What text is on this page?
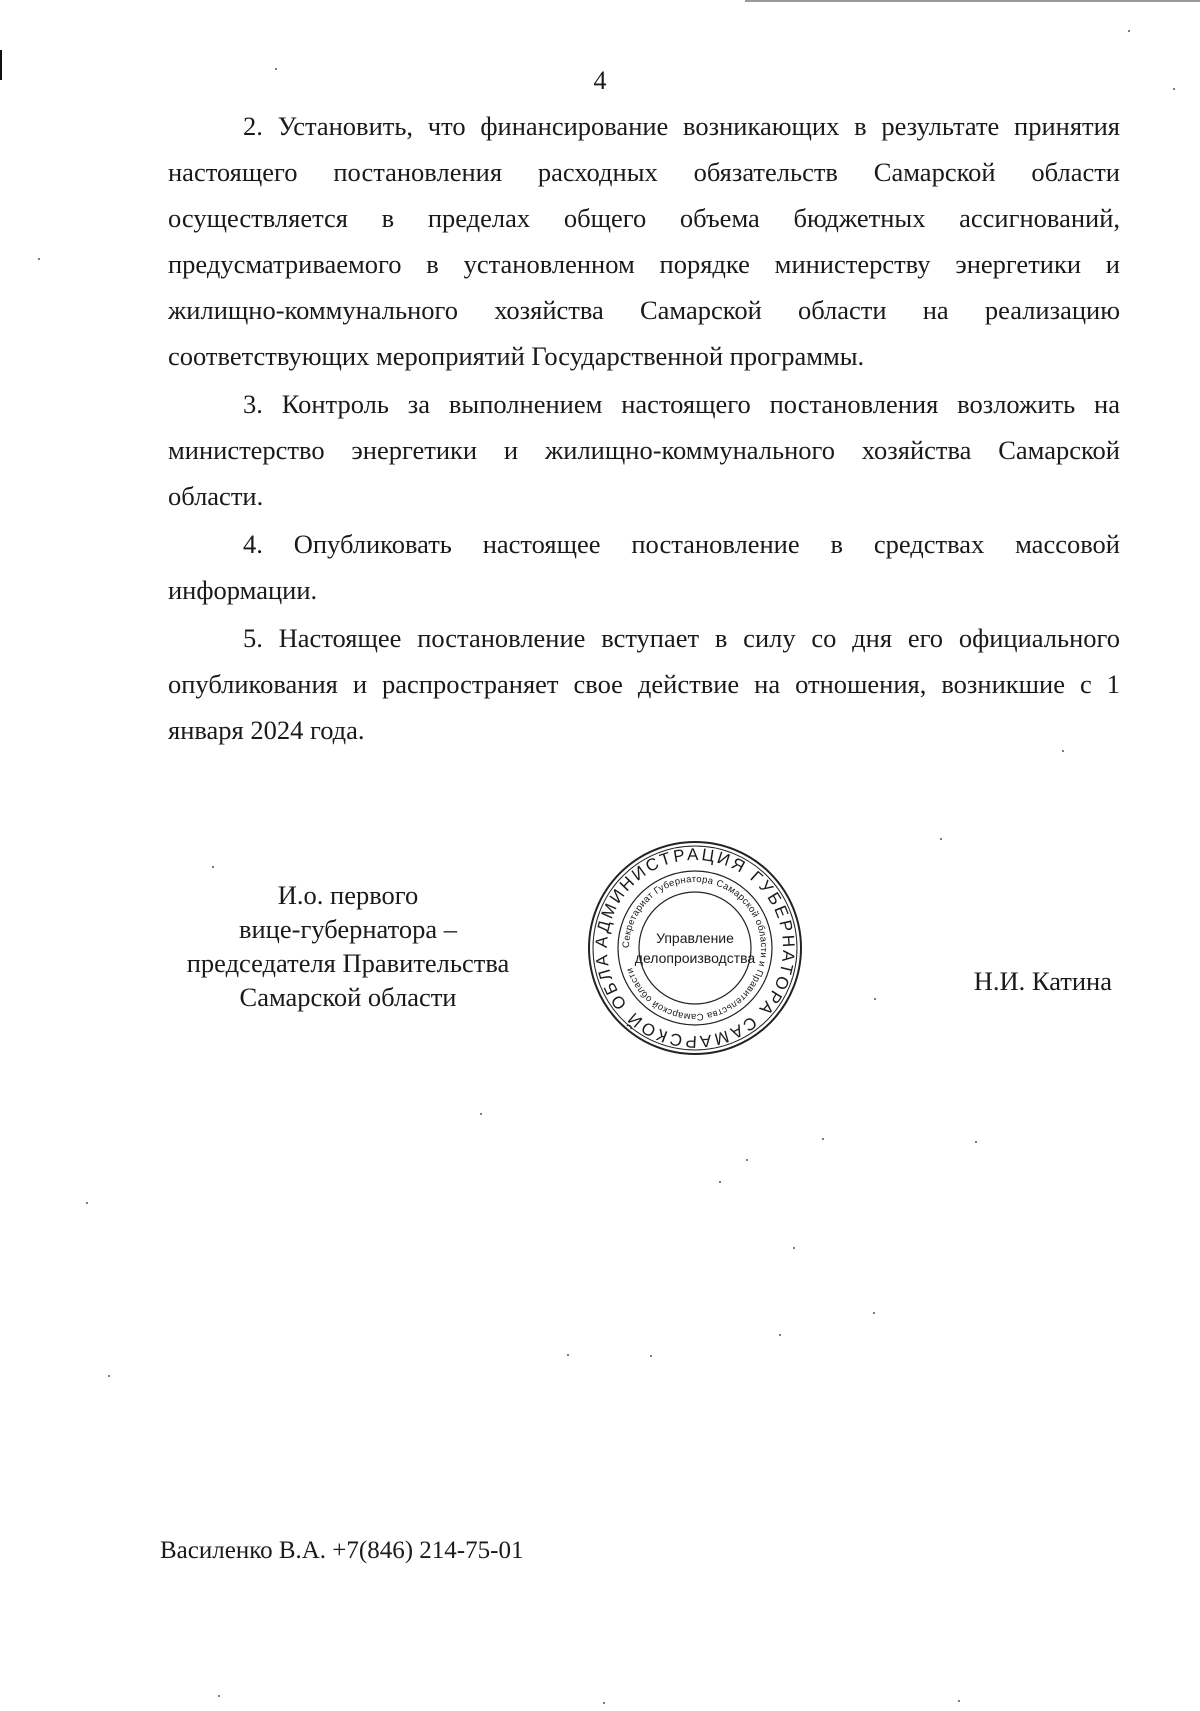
4

2. Установить, что финансирование возникающих в результате принятия настоящего постановления расходных обязательств Самарской области осуществляется в пределах общего объема бюджетных ассигнований, предусматриваемого в установленном порядке министерству энергетики и жилищно-коммунального хозяйства Самарской области на реализацию соответствующих мероприятий Государственной программы.

3. Контроль за выполнением настоящего постановления возложить на министерство энергетики и жилищно-коммунального хозяйства Самарской области.

4. Опубликовать настоящее постановление в средствах массовой информации.

5. Настоящее постановление вступает в силу со дня его официального опубликования и распространяет свое действие на отношения, возникшие с 1 января 2024 года.

И.о. первого
вице-губернатора –
председателя Правительства
Самарской области
АДМИНИСТРАЦИЯ ГУБЕРНАТОРА САМАРСКОЙ ОБЛА
Секретариат Губернатора Самарской области и Правительства Самарской области
Управление
делопроизводства
Н.И. Катина
Василенко В.А. +7(846) 214-75-01
